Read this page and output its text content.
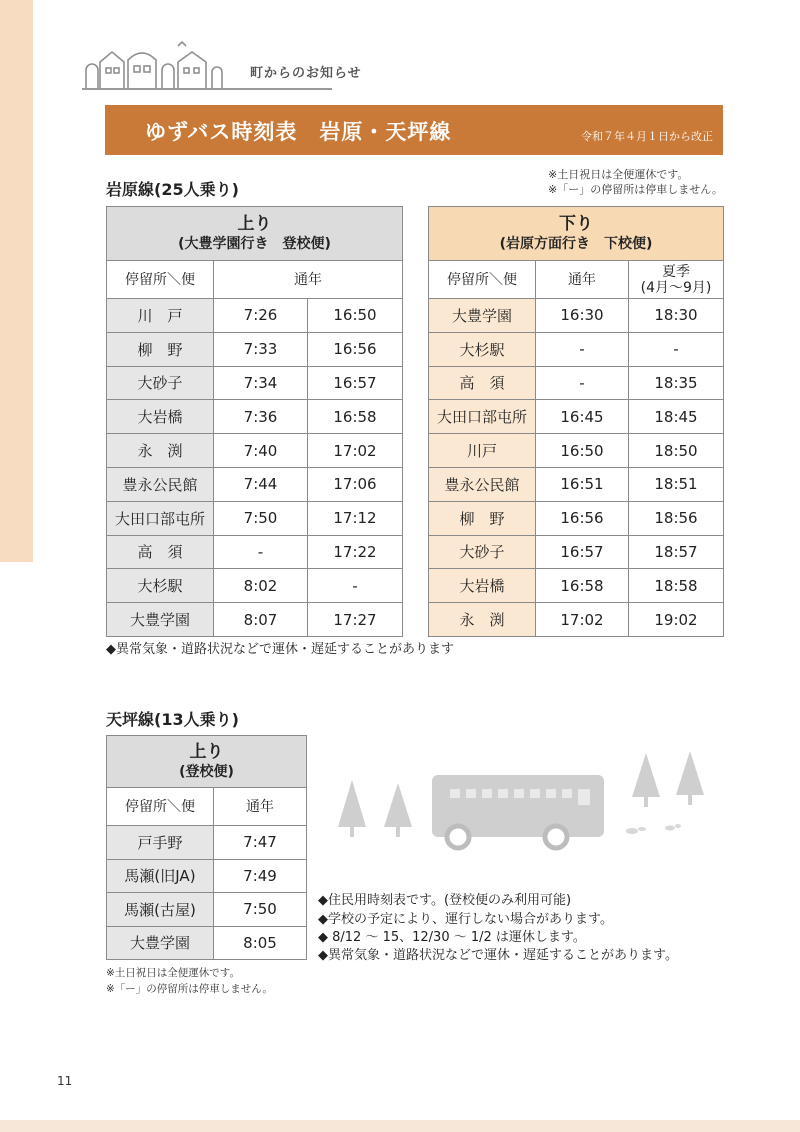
町からのお知らせ
ゆずバス時刻表　岩原・天坪線	令和７年４月１日から改正
※土日祝日は全便運休です。
※「ー」の停留所は停車しません。
岩原線(25人乗り)
上り
(大豊学園行き　登校便)		

停留所＼便	通年	
川　戸	7:26	16:50
柳　野	7:33	16:56
大砂子	7:34	16:57
大岩橋	7:36	16:58
永　渕	7:40	17:02
豊永公民館	7:44	17:06
大田口部屯所	7:50	17:12
高　須	-	17:22
大杉駅	8:02	-
大豊学園	8:07	17:27
下り
(岩原方面行き　下校便)		

停留所＼便	通年	夏季
(4月〜9月)
大豊学園	16:30	18:30
大杉駅	-	-
高　須	-	18:35
大田口部屯所	16:45	18:45
川戸	16:50	18:50
豊永公民館	16:51	18:51
柳　野	16:56	18:56
大砂子	16:57	18:57
大岩橋	16:58	18:58
永　渕	17:02	19:02
◆異常気象・道路状況などで運休・遅延することがあります
天坪線(13人乗り)
上り
(登校便)	

停留所＼便	通年
戸手野	7:47
馬瀬(旧JA)	7:49
馬瀬(古屋)	7:50
大豊学園	8:05
◆住民用時刻表です。(登校便のみ利用可能)
◆学校の予定により、運行しない場合があります。
◆ 8/12 〜 15、12/30 〜 1/2 は運休します。
◆異常気象・道路状況などで運休・遅延することがあります。
※土日祝日は全便運休です。
※「ー」の停留所は停車しません。
11
